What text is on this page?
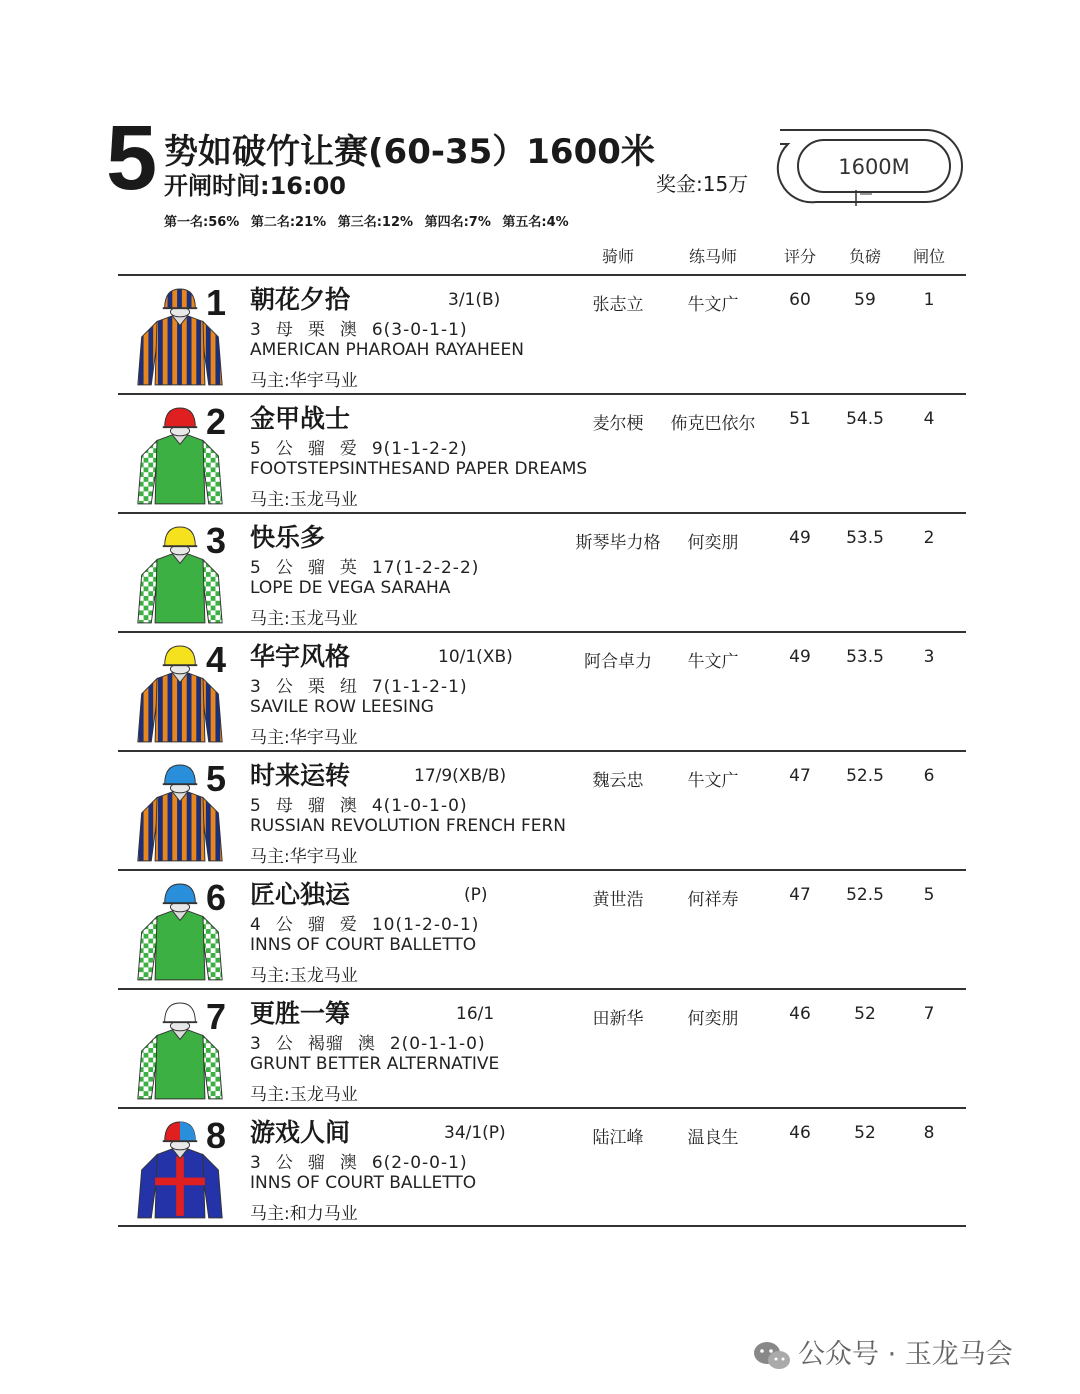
5 势如破竹让赛(60-35）1600米
开闸时间:16:00	奖金:15万
第一名:56% 第二名:21% 第三名:12% 第四名:7% 第五名:4%
1600M
骑师	练马师	评分	负磅	闸位
1 朝花夕拾	3/1(B)
3 母 栗 澳 6(3-0-1-1)
AMERICAN PHAROAH RAYAHEEN
马主:华宇马业
张志立	牛文广	60	59	1
2 金甲战士
5 公 骝 爱 9(1-1-2-2)
FOOTSTEPSINTHESAND PAPER DREAMS
马主:玉龙马业
麦尔梗	佈克巴依尔	51	54.5	4
3 快乐多
5 公 骝 英 17(1-2-2-2)
LOPE DE VEGA SARAHA
马主:玉龙马业
斯琴毕力格	何奕朋	49	53.5	2
4 华宇风格	10/1(XB)
3 公 栗 纽 7(1-1-2-1)
SAVILE ROW LEESING
马主:华宇马业
阿合卓力	牛文广	49	53.5	3
5 时来运转	17/9(XB/B)
5 母 骝 澳 4(1-0-1-0)
RUSSIAN REVOLUTION FRENCH FERN
马主:华宇马业
魏云忠	牛文广	47	52.5	6
6 匠心独运	(P)
4 公 骝 爱 10(1-2-0-1)
INNS OF COURT BALLETTO
马主:玉龙马业
黄世浩	何祥寿	47	52.5	5
7 更胜一筹	16/1
3 公 褐骝 澳 2(0-1-1-0)
GRUNT BETTER ALTERNATIVE
马主:玉龙马业
田新华	何奕朋	46	52	7
8 游戏人间	34/1(P)
3 公 骝 澳 6(2-0-0-1)
INNS OF COURT BALLETTO
马主:和力马业
陆江峰	温良生	46	52	8
公众号 · 玉龙马会
